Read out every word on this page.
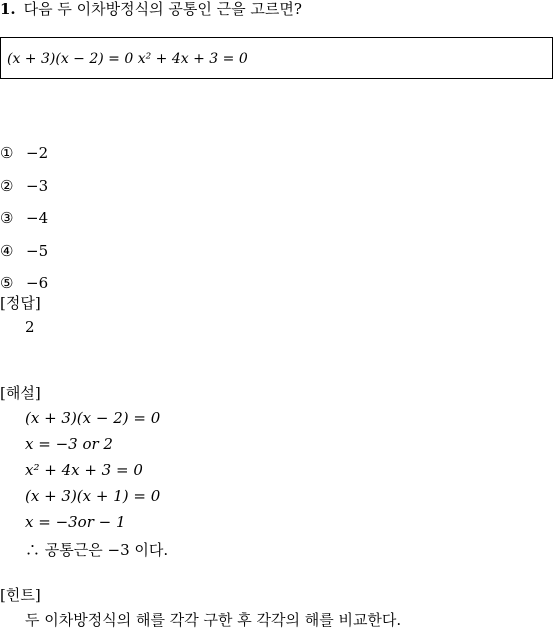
1. 다음 두 이차방정식의 공통인 근을 고르면?
(x + 3)(x − 2) = 0 x² + 4x + 3 = 0
① −2
② −3
③ −4
④ −5
⑤ −6
[정답]
2
[해설]
(x + 3)(x − 2) = 0
x = −3 or 2
x² + 4x + 3 = 0
(x + 3)(x + 1) = 0
x = −3or − 1
∴ 공통근은 −3 이다.
[힌트]
두 이차방정식의 해를 각각 구한 후 각각의 해를 비교한다.
